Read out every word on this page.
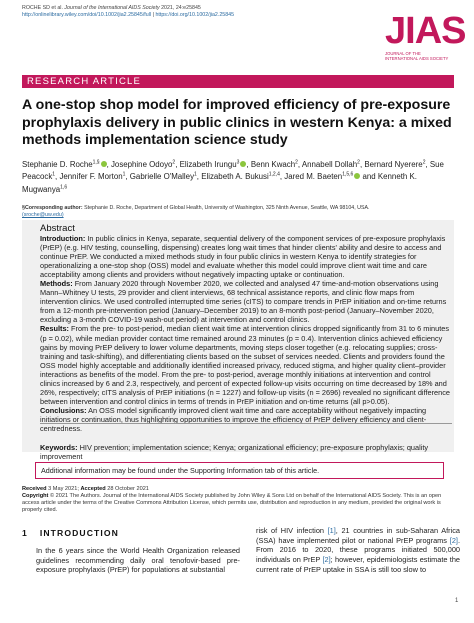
ROCHE SD et al. Journal of the International AIDS Society 2021, 24:e25845
http://onlinelibrary.wiley.com/doi/10.1002/jia2.25845/full | https://doi.org/10.1002/jia2.25845	JIAS
JOURNAL OF THE INTERNATIONAL AIDS SOCIETY
RESEARCH ARTICLE
A one-stop shop model for improved efficiency of pre-exposure prophylaxis delivery in public clinics in western Kenya: a mixed methods implementation science study
Stephanie D. Roche$^{1,\S}$ , Josephine Odoyo$^2$, Elizabeth Irungu$^3$ , Benn Kwach$^2$, Annabell Dollah$^2$, Bernard Nyerere$^2$, Sue Peacock$^1$, Jennifer F. Morton$^1$, Gabrielle O'Malley$^1$, Elizabeth A. Bukusi$^{1,2,4}$, Jared M. Baeten$^{1,5,6}$ and Kenneth K. Mugwanya$^{1,6}$
§Corresponding author: Stephanie D. Roche, Department of Global Health, University of Washington, 325 Ninth Avenue, Seattle, WA 98104, USA.
(sroche@uw.edu)
Abstract

Introduction: In public clinics in Kenya, separate, sequential delivery of the component services of pre-exposure prophylaxis (PrEP) (e.g. HIV testing, counselling, dispensing) creates long wait times that hinder clients' ability and desire to access and continue PrEP. We conducted a mixed methods study in four public clinics in western Kenya to identify strategies for operationalizing a one-stop shop (OSS) model and evaluate whether this model could improve client wait time and care acceptability among clients and providers without negatively impacting uptake or continuation.

Methods: From January 2020 through November 2020, we collected and analysed 47 time-and-motion observations using Mann–Whitney U tests, 29 provider and client interviews, 68 technical assistance reports, and clinic flow maps from intervention clinics. We used controlled interrupted time series (cITS) to compare trends in PrEP initiation and on-time returns from a 12-month pre-intervention period (January–December 2019) to an 8-month post-period (January–November 2020, excluding a 3-month COVID-19 wash-out period) at intervention and control clinics.

Results: From the pre- to post-period, median client wait time at intervention clinics dropped significantly from 31 to 6 minutes (p = 0.02), while median provider contact time remained around 23 minutes (p = 0.4). Intervention clinics achieved efficiency gains by moving PrEP delivery to lower volume departments, moving steps closer together (e.g. relocating supplies; cross-training and task-shifting), and differentiating clients based on the subset of services needed. Clients and providers found the OSS model highly acceptable and additionally identified increased privacy, reduced stigma, and higher quality client–provider interactions as benefits of the model. From the pre- to post-period, average monthly initiations at intervention and control clinics increased by 6 and 2.3, respectively, and percent of expected follow-up visits occurring on time decreased by 18% and 26%, respectively; cITS analysis of PrEP initiations (n = 1227) and follow-up visits (n = 2696) revealed no significant difference between intervention and control clinics in terms of trends in PrEP initiation and on-time returns (all p>0.05).

Conclusions: An OSS model significantly improved client wait time and care acceptability without negatively impacting initiations or continuation, thus highlighting opportunities to improve the efficiency of PrEP delivery efficiency and client-centredness.

Keywords: HIV prevention; implementation science; Kenya; organizational efficiency; pre-exposure prophylaxis; quality improvement

Additional information may be found under the Supporting Information tab of this article.
Received 3 May 2021; Accepted 28 October 2021
Copyright © 2021 The Authors. Journal of the International AIDS Society published by John Wiley & Sons Ltd on behalf of the International AIDS Society. This is an open access article under the terms of the Creative Commons Attribution License, which permits use, distribution and reproduction in any medium, provided the original work is properly cited.
1 INTRODUCTION
In the 6 years since the World Health Organization released guidelines recommending daily oral tenofovir-based pre-exposure prophylaxis (PrEP) for populations at substantial
risk of HIV infection [1], 21 countries in sub-Saharan Africa (SSA) have implemented pilot or national PrEP programs [2]. From 2016 to 2020, these programs initiated 500,000 individuals on PrEP [2]; however, epidemiologists estimate the current rate of PrEP uptake in SSA is still too slow to
1
